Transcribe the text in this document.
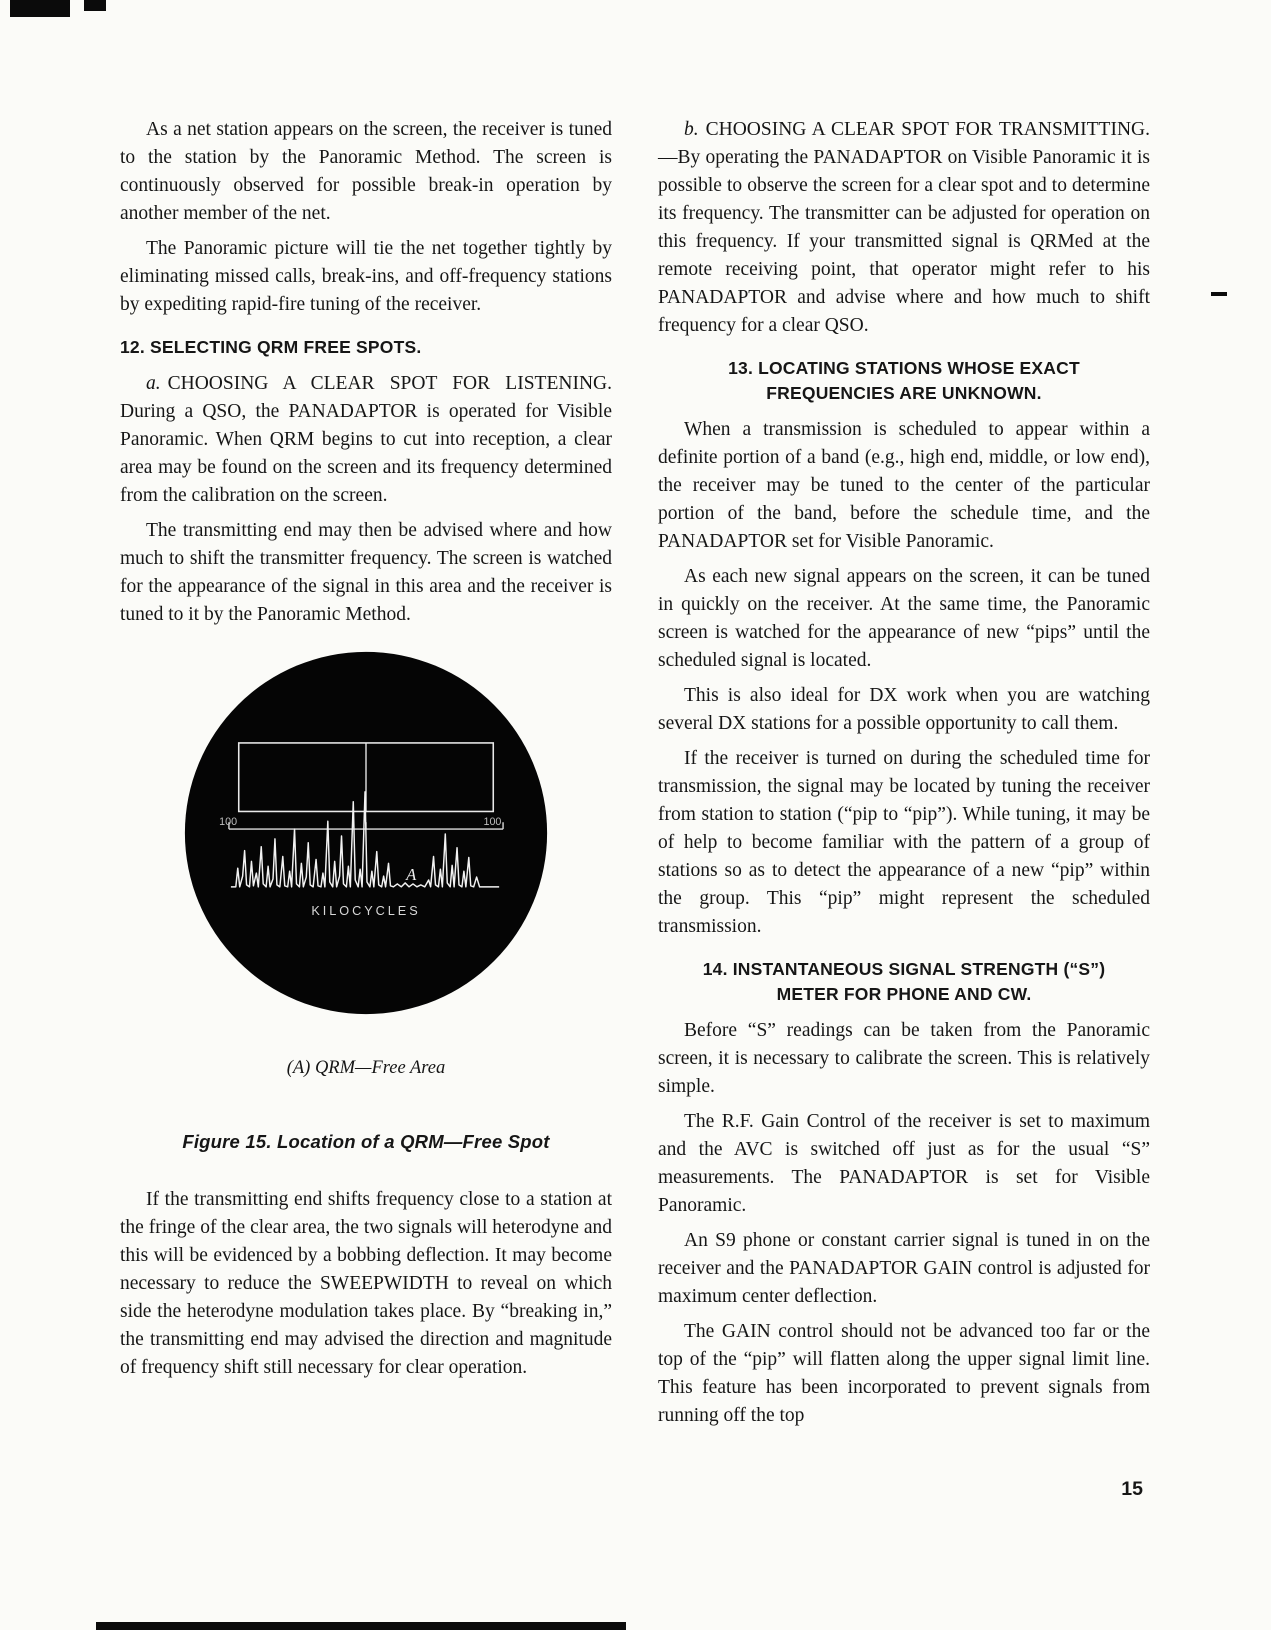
As a net station appears on the screen, the receiver is tuned to the station by the Panoramic Method. The screen is continuously observed for possible break-in operation by another member of the net.

The Panoramic picture will tie the net together tightly by eliminating missed calls, break-ins, and off-frequency stations by expediting rapid-fire tuning of the receiver.

12. SELECTING QRM FREE SPOTS.

a. CHOOSING A CLEAR SPOT FOR LISTENING. During a QSO, the PANADAPTOR is operated for Visible Panoramic. When QRM begins to cut into reception, a clear area may be found on the screen and its frequency determined from the calibration on the screen.

The transmitting end may then be advised where and how much to shift the transmitter frequency. The screen is watched for the appearance of the signal in this area and the receiver is tuned to it by the Panoramic Method.

100	100
A
KILOCYCLES
(A) QRM—Free Area
Figure 15. Location of a QRM—Free Spot

If the transmitting end shifts frequency close to a station at the fringe of the clear area, the two signals will heterodyne and this will be evidenced by a bobbing deflection. It may become necessary to reduce the SWEEPWIDTH to reveal on which side the heterodyne modulation takes place. By “breaking in,” the transmitting end may advised the direction and magnitude of frequency shift still necessary for clear operation.

b. CHOOSING A CLEAR SPOT FOR TRANSMITTING.—By operating the PANADAPTOR on Visible Panoramic it is possible to observe the screen for a clear spot and to determine its frequency. The transmitter can be adjusted for operation on this frequency. If your transmitted signal is QRMed at the remote receiving point, that operator might refer to his PANADAPTOR and advise where and how much to shift frequency for a clear QSO.

13. LOCATING STATIONS WHOSE EXACT
FREQUENCIES ARE UNKNOWN.

When a transmission is scheduled to appear within a definite portion of a band (e.g., high end, middle, or low end), the receiver may be tuned to the center of the particular portion of the band, before the schedule time, and the PANADAPTOR set for Visible Panoramic.

As each new signal appears on the screen, it can be tuned in quickly on the receiver. At the same time, the Panoramic screen is watched for the appearance of new “pips” until the scheduled signal is located.

This is also ideal for DX work when you are watching several DX stations for a possible opportunity to call them.

If the receiver is turned on during the scheduled time for transmission, the signal may be located by tuning the receiver from station to station (“pip to “pip”). While tuning, it may be of help to become familiar with the pattern of a group of stations so as to detect the appearance of a new “pip” within the group. This “pip” might represent the scheduled transmission.

14. INSTANTANEOUS SIGNAL STRENGTH (“S”)
METER FOR PHONE AND CW.

Before “S” readings can be taken from the Panoramic screen, it is necessary to calibrate the screen. This is relatively simple.

The R.F. Gain Control of the receiver is set to maximum and the AVC is switched off just as for the usual “S” measurements. The PANADAPTOR is set for Visible Panoramic.

An S9 phone or constant carrier signal is tuned in on the receiver and the PANADAPTOR GAIN control is adjusted for maximum center deflection.

The GAIN control should not be advanced too far or the top of the “pip” will flatten along the upper signal limit line. This feature has been incorporated to prevent signals from running off the top

15
